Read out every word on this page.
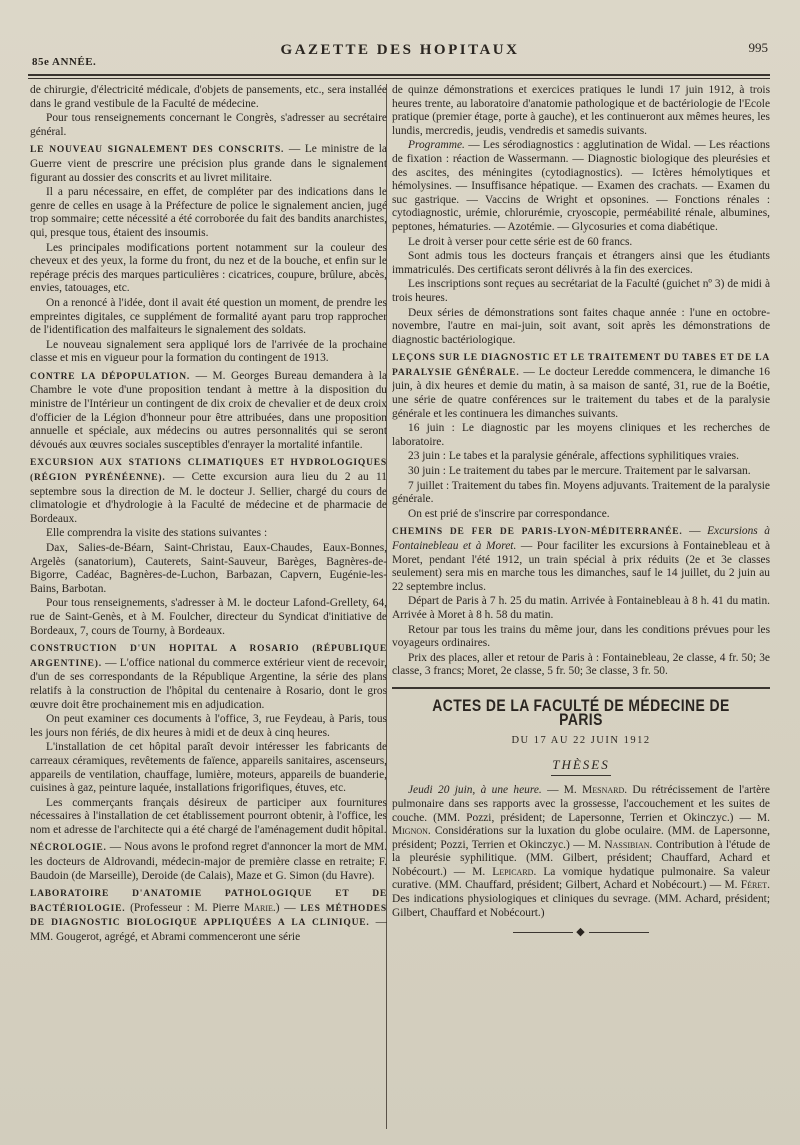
85e ANNÉE.
GAZETTE DES HOPITAUX	995

de chirurgie, d'électricité médicale, d'objets de pansements, etc., sera installée dans le grand vestibule de la Faculté de médecine.

Pour tous renseignements concernant le Congrès, s'adresser au secrétaire général.

LE NOUVEAU SIGNALEMENT DES CONSCRITS. — Le ministre de la Guerre vient de prescrire une précision plus grande dans le signalement figurant au dossier des conscrits et au livret militaire.

Il a paru nécessaire, en effet, de compléter par des indications dans le genre de celles en usage à la Préfecture de police le signalement ancien, jugé trop sommaire; cette nécessité a été corroborée du fait des bandits anarchistes, qui, presque tous, étaient des insoumis.

Les principales modifications portent notamment sur la couleur des cheveux et des yeux, la forme du front, du nez et de la bouche, et enfin sur le repérage précis des marques particulières : cicatrices, coupure, brûlure, abcès, envies, tatouages, etc.

On a renoncé à l'idée, dont il avait été question un moment, de prendre les empreintes digitales, ce supplément de formalité ayant paru trop rapprocher de l'identification des malfaiteurs le signalement des soldats.

Le nouveau signalement sera appliqué lors de l'arrivée de la prochaine classe et mis en vigueur pour la formation du contingent de 1913.

CONTRE LA DÉPOPULATION. — M. Georges Bureau demandera à la Chambre le vote d'une proposition tendant à mettre à la disposition du ministre de l'Intérieur un contingent de dix croix de chevalier et de deux croix d'officier de la Légion d'honneur pour être attribuées, dans une proposition annuelle et spéciale, aux médecins ou autres personnalités qui se seront dévoués aux œuvres sociales susceptibles d'enrayer la mortalité infantile.

EXCURSION AUX STATIONS CLIMATIQUES ET HYDROLOGIQUES (RÉGION PYRÉNÉENNE). — Cette excursion aura lieu du 2 au 11 septembre sous la direction de M. le docteur J. Sellier, chargé du cours de climatologie et d'hydrologie à la Faculté de médecine et de pharmacie de Bordeaux.

Elle comprendra la visite des stations suivantes :

Dax, Salies-de-Béarn, Saint-Christau, Eaux-Chaudes, Eaux-Bonnes, Argelès (sanatorium), Cauterets, Saint-Sauveur, Barèges, Bagnères-de-Bigorre, Cadéac, Bagnères-de-Luchon, Barbazan, Capvern, Eugénie-les-Bains, Barbotan.

Pour tous renseignements, s'adresser à M. le docteur Lafond-Grellety, 64, rue de Saint-Genès, et à M. Foulcher, directeur du Syndicat d'initiative de Bordeaux, 7, cours de Tourny, à Bordeaux.

CONSTRUCTION D'UN HOPITAL A ROSARIO (RÉPUBLIQUE ARGENTINE). — L'office national du commerce extérieur vient de recevoir, d'un de ses correspondants de la République Argentine, la série des plans relatifs à la construction de l'hôpital du centenaire à Rosario, dont le gros œuvre doit être prochainement mis en adjudication.

On peut examiner ces documents à l'office, 3, rue Feydeau, à Paris, tous les jours non fériés, de dix heures à midi et de deux à cinq heures.

L'installation de cet hôpital paraît devoir intéresser les fabricants de carreaux céramiques, revêtements de faïence, appareils sanitaires, ascenseurs, appareils de ventilation, chauffage, lumière, moteurs, appareils de buanderie, cuisines à gaz, peinture laquée, installations frigorifiques, étuves, etc.

Les commerçants français désireux de participer aux fournitures nécessaires à l'installation de cet établissement pourront obtenir, à l'office, les nom et adresse de l'architecte qui a été chargé de l'aménagement dudit hôpital.

NÉCROLOGIE. — Nous avons le profond regret d'annoncer la mort de MM. les docteurs de Aldrovandi, médecin-major de première classe en retraite; F. Baudoin (de Marseille), Deroide (de Calais), Maze et G. Simon (du Havre).

LABORATOIRE D'ANATOMIE PATHOLOGIQUE ET DE BACTÉRIOLOGIE. (Professeur : M. Pierre Marie.) — LES MÉTHODES DE DIAGNOSTIC BIOLOGIQUE APPLIQUÉES A LA CLINIQUE. — MM. Gougerot, agrégé, et Abrami commenceront une série

de quinze démonstrations et exercices pratiques le lundi 17 juin 1912, à trois heures trente, au laboratoire d'anatomie pathologique et de bactériologie de l'Ecole pratique (premier étage, porte à gauche), et les continueront aux mêmes heures, les lundis, mercredis, jeudis, vendredis et samedis suivants.

Programme. — Les sérodiagnostics : agglutination de Widal. — Les réactions de fixation : réaction de Wassermann. — Diagnostic biologique des pleurésies et des ascites, des méningites (cytodiagnostics). — Ictères hémolytiques et hémolysines. — Insuffisance hépatique. — Examen des crachats. — Examen du suc gastrique. — Vaccins de Wright et opsonines. — Fonctions rénales : cytodiagnostic, urémie, chlorurémie, cryoscopie, perméabilité rénale, albumines, peptones, hématuries. — Azotémie. — Glycosuries et coma diabétique.

Le droit à verser pour cette série est de 60 francs.

Sont admis tous les docteurs français et étrangers ainsi que les étudiants immatriculés. Des certificats seront délivrés à la fin des exercices.

Les inscriptions sont reçues au secrétariat de la Faculté (guichet nº 3) de midi à trois heures.

Deux séries de démonstrations sont faites chaque année : l'une en octobre-novembre, l'autre en mai-juin, soit avant, soit après les démonstrations de diagnostic bactériologique.

LEÇONS SUR LE DIAGNOSTIC ET LE TRAITEMENT DU TABES ET DE LA PARALYSIE GÉNÉRALE. — Le docteur Leredde commencera, le dimanche 16 juin, à dix heures et demie du matin, à sa maison de santé, 31, rue de la Boétie, une série de quatre conférences sur le traitement du tabes et de la paralysie générale et les continuera les dimanches suivants.

16 juin : Le diagnostic par les moyens cliniques et les recherches de laboratoire.

23 juin : Le tabes et la paralysie générale, affections syphilitiques vraies.

30 juin : Le traitement du tabes par le mercure. Traitement par le salvarsan.

7 juillet : Traitement du tabes fin. Moyens adjuvants. Traitement de la paralysie générale.

On est prié de s'inscrire par correspondance.

CHEMINS DE FER DE PARIS-LYON-MÉDITERRANÉE. — Excursions à Fontainebleau et à Moret. — Pour faciliter les excursions à Fontainebleau et à Moret, pendant l'été 1912, un train spécial à prix réduits (2e et 3e classes seulement) sera mis en marche tous les dimanches, sauf le 14 juillet, du 2 juin au 22 septembre inclus.

Départ de Paris à 7 h. 25 du matin. Arrivée à Fontainebleau à 8 h. 41 du matin. Arrivée à Moret à 8 h. 58 du matin.

Retour par tous les trains du même jour, dans les conditions prévues pour les voyageurs ordinaires.

Prix des places, aller et retour de Paris à : Fontainebleau, 2e classe, 4 fr. 50; 3e classe, 3 francs; Moret, 2e classe, 5 fr. 50; 3e classe, 3 fr. 50.

ACTES DE LA FACULTÉ DE MÉDECINE DE PARIS
DU 17 AU 22 JUIN 1912
THÈSES

Jeudi 20 juin, à une heure. — M. Mesnard. Du rétrécissement de l'artère pulmonaire dans ses rapports avec la grossesse, l'accouchement et les suites de couche. (MM. Pozzi, président; de Lapersonne, Terrien et Okinczyc.) — M. Mignon. Considérations sur la luxation du globe oculaire. (MM. de Lapersonne, président; Pozzi, Terrien et Okinczyc.) — M. Nassibian. Contribution à l'étude de la pleurésie syphilitique. (MM. Gilbert, président; Chauffard, Achard et Nobécourt.) — M. Lepicard. La vomique hydatique pulmonaire. Sa valeur curative. (MM. Chauffard, président; Gilbert, Achard et Nobécourt.) — M. Féret. Des indications physiologiques et cliniques du sevrage. (MM. Achard, président; Gilbert, Chauffard et Nobécourt.)

◆
